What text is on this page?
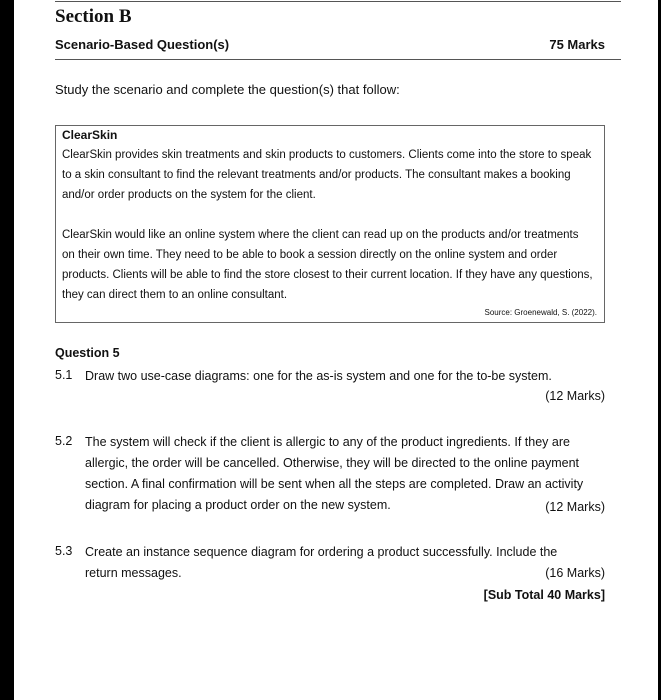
Section B
Scenario-Based Question(s)	75 Marks
Study the scenario and complete the question(s) that follow:
ClearSkin
ClearSkin provides skin treatments and skin products to customers. Clients come into the store to speak to a skin consultant to find the relevant treatments and/or products. The consultant makes a booking and/or order products on the system for the client.
ClearSkin would like an online system where the client can read up on the products and/or treatments on their own time. They need to be able to book a session directly on the online system and order products. Clients will be able to find the store closest to their current location. If they have any questions, they can direct them to an online consultant.
Source: Groenewald, S. (2022).
Question 5
5.1 Draw two use-case diagrams: one for the as-is system and one for the to-be system.
(12 Marks)
5.2 The system will check if the client is allergic to any of the product ingredients. If they are allergic, the order will be cancelled. Otherwise, they will be directed to the online payment section. A final confirmation will be sent when all the steps are completed. Draw an activity diagram for placing a product order on the new system.	(12 Marks)
5.3 Create an instance sequence diagram for ordering a product successfully. Include the return messages.	(16 Marks)
[Sub Total 40 Marks]
